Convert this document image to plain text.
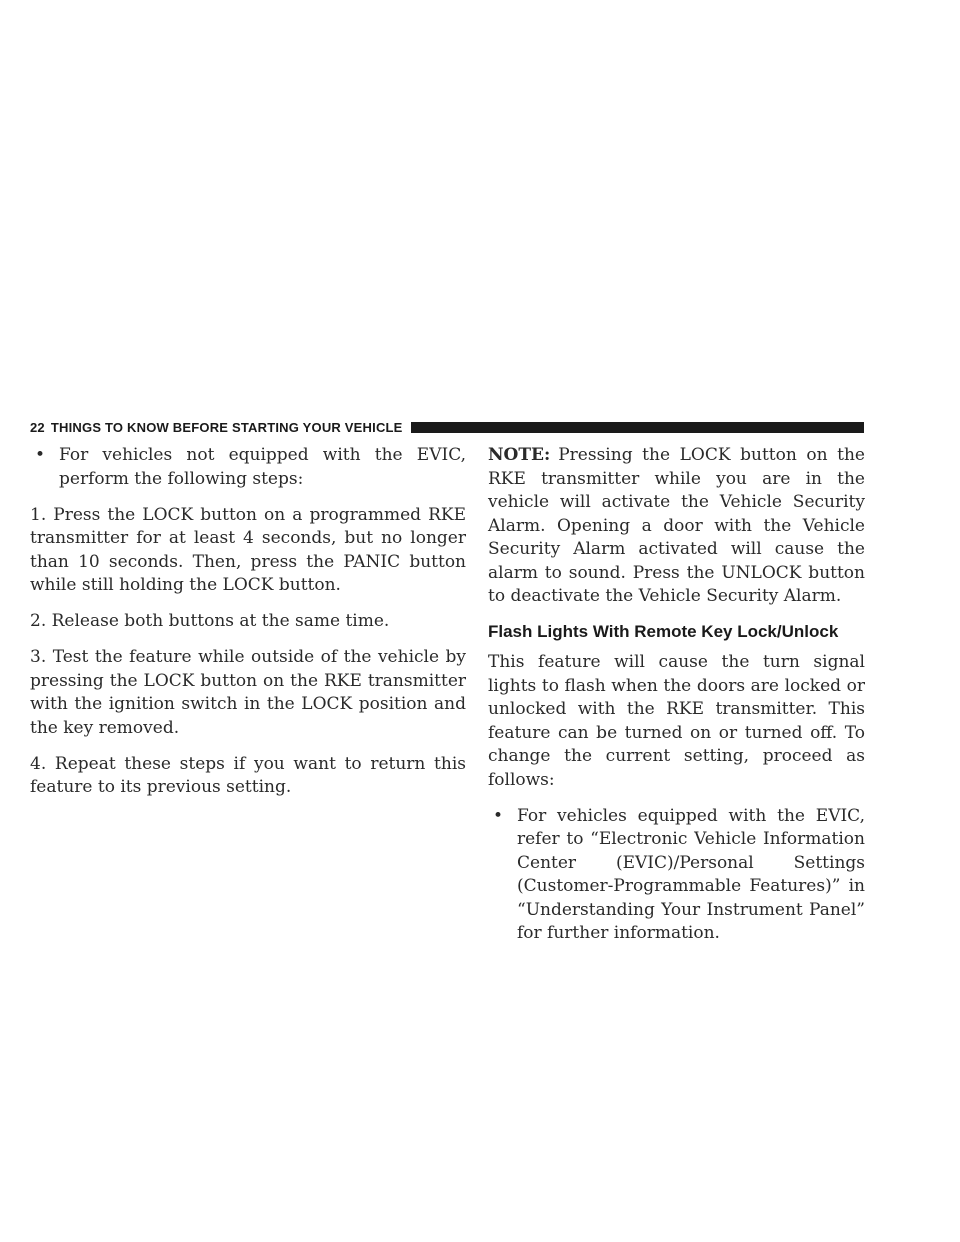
22 THINGS TO KNOW BEFORE STARTING YOUR VEHICLE
• For vehicles not equipped with the EVIC, perform the following steps:

1. Press the LOCK button on a programmed RKE transmitter for at least 4 seconds, but no longer than 10 seconds. Then, press the PANIC button while still holding the LOCK button.

2. Release both buttons at the same time.

3. Test the feature while outside of the vehicle by pressing the LOCK button on the RKE transmitter with the ignition switch in the LOCK position and the key removed.

4. Repeat these steps if you want to return this feature to its previous setting.

NOTE: Pressing the LOCK button on the RKE transmitter while you are in the vehicle will activate the Vehicle Security Alarm. Opening a door with the Vehicle Security Alarm activated will cause the alarm to sound. Press the UNLOCK button to deactivate the Vehicle Security Alarm.

Flash Lights With Remote Key Lock/Unlock

This feature will cause the turn signal lights to flash when the doors are locked or unlocked with the RKE transmitter. This feature can be turned on or turned off. To change the current setting, proceed as follows:

• For vehicles equipped with the EVIC, refer to “Electronic Vehicle Information Center (EVIC)/Personal Settings (Customer-Programmable Features)” in “Understanding Your Instrument Panel” for further information.
